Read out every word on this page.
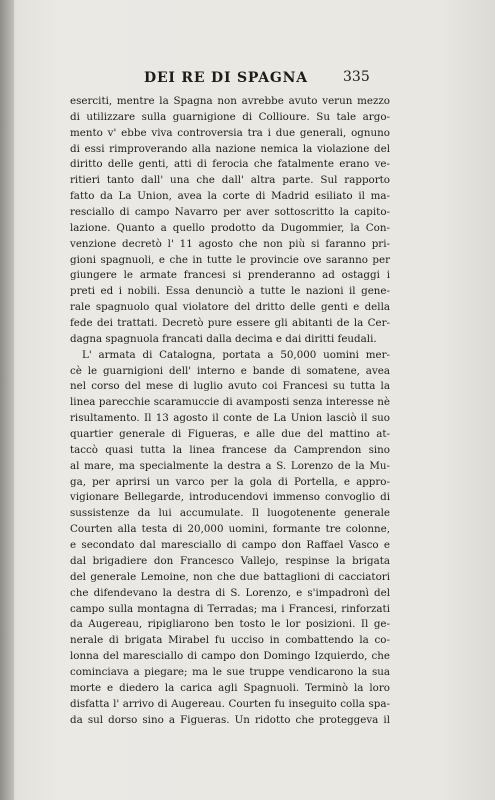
DEI RE DI SPAGNA	335
eserciti, mentre la Spagna non avrebbe avuto verun mezzo
di utilizzare sulla guarnigione di Collioure. Su tale argo-
mento v' ebbe viva controversia tra i due generali, ognuno
di essi rimproverando alla nazione nemica la violazione del
diritto delle genti, atti di ferocia che fatalmente erano ve-
ritieri tanto dall' una che dall' altra parte. Sul rapporto
fatto da La Union, avea la corte di Madrid esiliato il ma-
resciallo di campo Navarro per aver sottoscritto la capito-
lazione. Quanto a quello prodotto da Dugommier, la Con-
venzione decretò l' 11 agosto che non più si faranno pri-
gioni spagnuoli, e che in tutte le provincie ove saranno per
giungere le armate francesi si prenderanno ad ostaggi i
preti ed i nobili. Essa denunciò a tutte le nazioni il gene-
rale spagnuolo qual violatore del dritto delle genti e della
fede dei trattati. Decretò pure essere gli abitanti de la Cer-
dagna spagnuola francati dalla decima e dai diritti feudali.
L' armata di Catalogna, portata a 50,000 uomini mer-
cè le guarnigioni dell' interno e bande di somatene, avea
nel corso del mese di luglio avuto coi Francesi su tutta la
linea parecchie scaramuccie di avamposti senza interesse nè
risultamento. Il 13 agosto il conte de La Union lasciò il suo
quartier generale di Figueras, e alle due del mattino at-
taccò quasi tutta la linea francese da Camprendon sino
al mare, ma specialmente la destra a S. Lorenzo de la Mu-
ga, per aprirsi un varco per la gola di Portella, e appro-
vigionare Bellegarde, introducendovi immenso convoglio di
sussistenze da lui accumulate. Il luogotenente generale
Courten alla testa di 20,000 uomini, formante tre colonne,
e secondato dal maresciallo di campo don Raffael Vasco e
dal brigadiere don Francesco Vallejo, respinse la brigata
del generale Lemoine, non che due battaglioni di cacciatori
che difendevano la destra di S. Lorenzo, e s'impadronì del
campo sulla montagna di Terradas; ma i Francesi, rinforzati
da Augereau, ripigliarono ben tosto le lor posizioni. Il ge-
nerale di brigata Mirabel fu ucciso in combattendo la co-
lonna del maresciallo di campo don Domingo Izquierdo, che
cominciava a piegare; ma le sue truppe vendicarono la sua
morte e diedero la carica agli Spagnuoli. Terminò la loro
disfatta l' arrivo di Augereau. Courten fu inseguito colla spa-
da sul dorso sino a Figueras. Un ridotto che proteggeva il
